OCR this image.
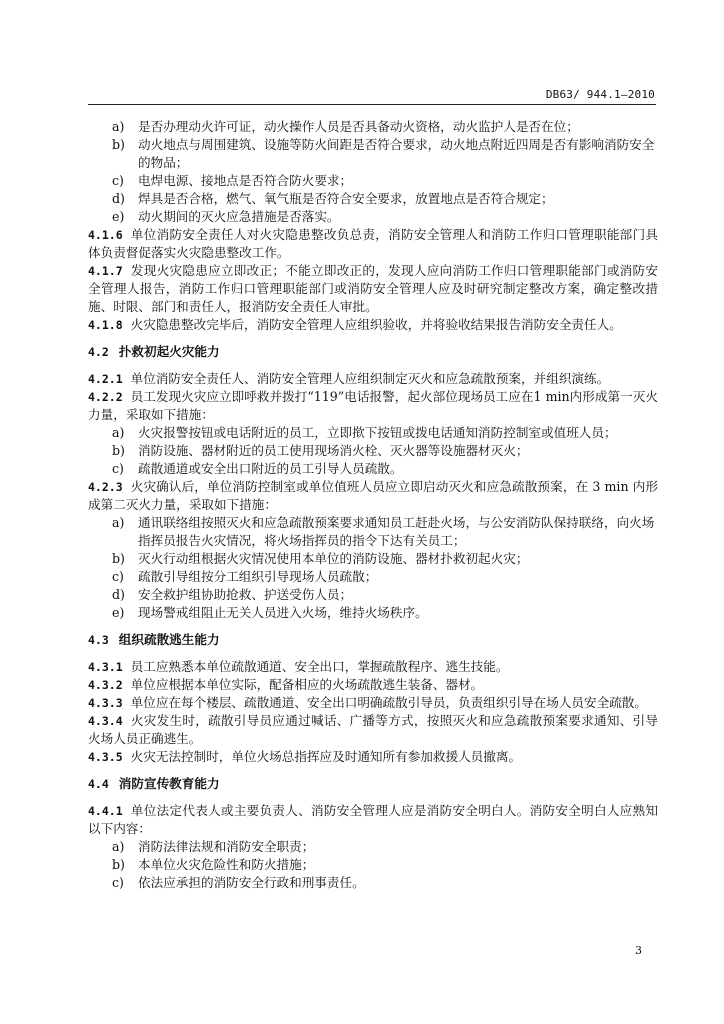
DB63/ 944.1—2010
a)	是否办理动火许可证，动火操作人员是否具备动火资格，动火监护人是否在位；
b)	动火地点与周围建筑、设施等防火间距是否符合要求，动火地点附近四周是否有影响消防安全的物品；
c)	电焊电源、接地点是否符合防火要求；
d)	焊具是否合格，燃气、氧气瓶是否符合安全要求，放置地点是否符合规定；
e)	动火期间的灭火应急措施是否落实。
4.1.6 单位消防安全责任人对火灾隐患整改负总责，消防安全管理人和消防工作归口管理职能部门具体负责督促落实火灾隐患整改工作。
4.1.7 发现火灾隐患应立即改正；不能立即改正的，发现人应向消防工作归口管理职能部门或消防安全管理人报告，消防工作归口管理职能部门或消防安全管理人应及时研究制定整改方案，确定整改措施、时限、部门和责任人，报消防安全责任人审批。
4.1.8 火灾隐患整改完毕后，消防安全管理人应组织验收，并将验收结果报告消防安全责任人。
4.2 扑救初起火灾能力
4.2.1 单位消防安全责任人、消防安全管理人应组织制定灭火和应急疏散预案，并组织演练。
4.2.2 员工发现火灾应立即呼救并拨打“119”电话报警，起火部位现场员工应在1 min内形成第一灭火力量，采取如下措施：
a)	火灾报警按钮或电话附近的员工，立即揿下按钮或拨电话通知消防控制室或值班人员；
b)	消防设施、器材附近的员工使用现场消火栓、灭火器等设施器材灭火；
c)	疏散通道或安全出口附近的员工引导人员疏散。
4.2.3 火灾确认后，单位消防控制室或单位值班人员应立即启动灭火和应急疏散预案，在 3 min 内形成第二灭火力量，采取如下措施：
a)	通讯联络组按照灭火和应急疏散预案要求通知员工赶赴火场，与公安消防队保持联络，向火场指挥员报告火灾情况，将火场指挥员的指令下达有关员工；
b)	灭火行动组根据火灾情况使用本单位的消防设施、器材扑救初起火灾；
c)	疏散引导组按分工组织引导现场人员疏散；
d)	安全救护组协助抢救、护送受伤人员；
e)	现场警戒组阻止无关人员进入火场，维持火场秩序。
4.3 组织疏散逃生能力
4.3.1 员工应熟悉本单位疏散通道、安全出口，掌握疏散程序、逃生技能。
4.3.2 单位应根据本单位实际，配备相应的火场疏散逃生装备、器材。
4.3.3 单位应在每个楼层、疏散通道、安全出口明确疏散引导员，负责组织引导在场人员安全疏散。
4.3.4 火灾发生时，疏散引导员应通过喊话、广播等方式，按照灭火和应急疏散预案要求通知、引导火场人员正确逃生。
4.3.5 火灾无法控制时，单位火场总指挥应及时通知所有参加救援人员撤离。
4.4 消防宣传教育能力
4.4.1 单位法定代表人或主要负责人、消防安全管理人应是消防安全明白人。消防安全明白人应熟知以下内容：
a)	消防法律法规和消防安全职责；
b)	本单位火灾危险性和防火措施；
c)	依法应承担的消防安全行政和刑事责任。
3
